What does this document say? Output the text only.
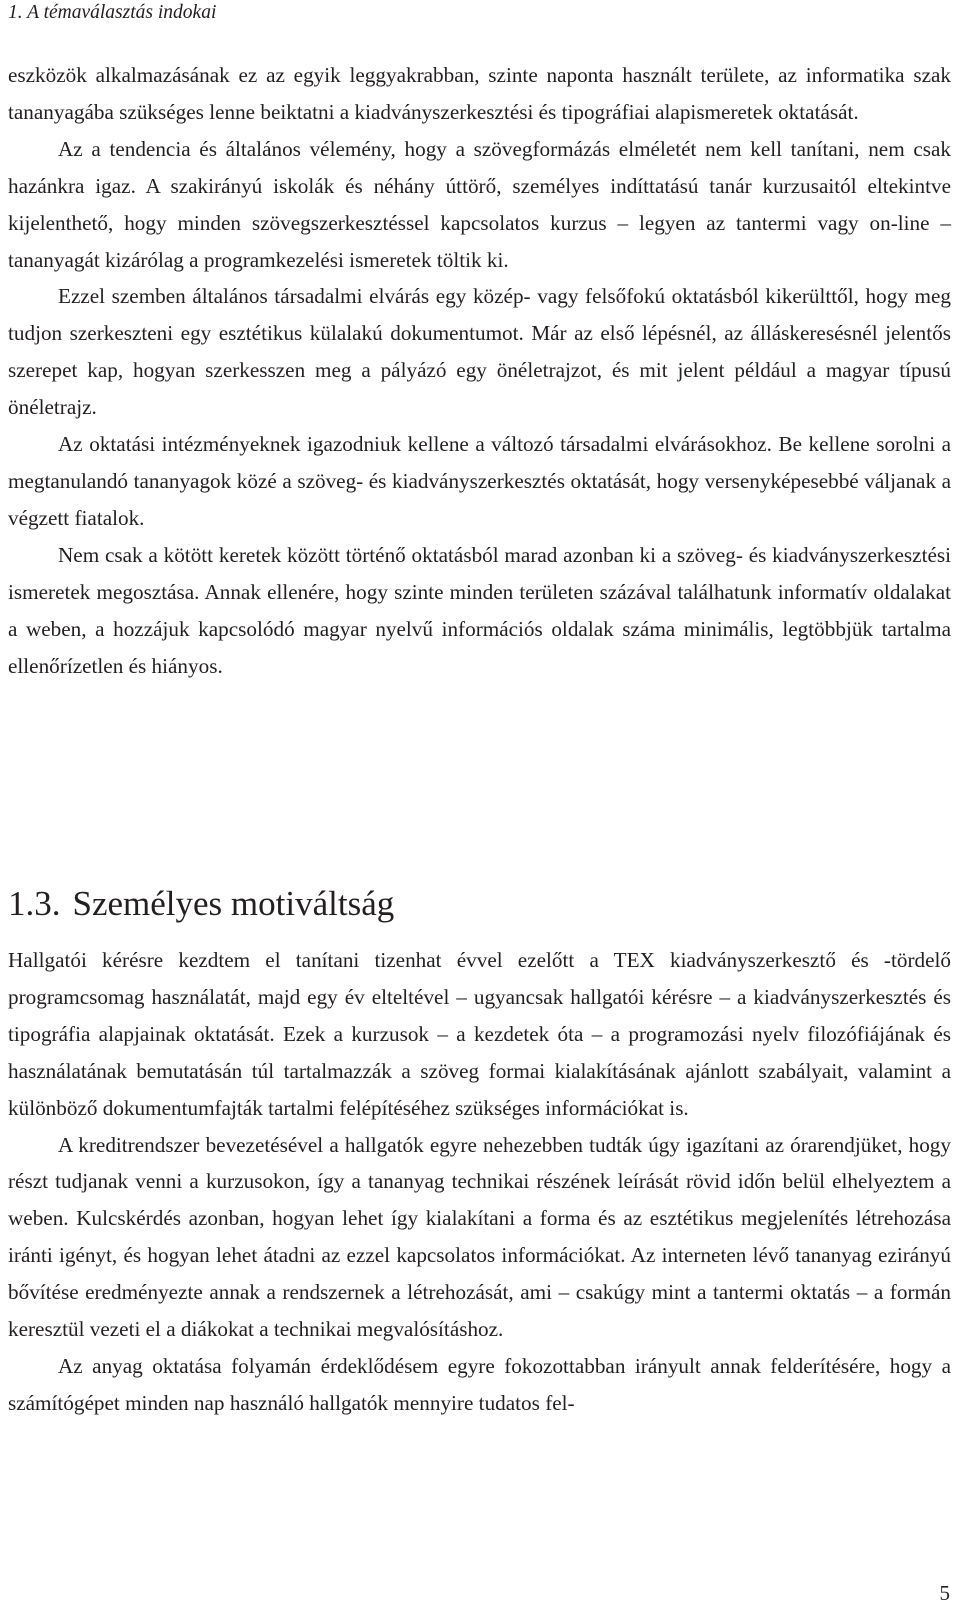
1. A témaválasztás indokai

eszközök alkalmazásának ez az egyik leggyakrabban, szinte naponta használt területe, az informatika szak tananyagába szükséges lenne beiktatni a kiadványszerkesztési és tipográfiai alapismeretek oktatását.

Az a tendencia és általános vélemény, hogy a szövegformázás elméletét nem kell tanítani, nem csak hazánkra igaz. A szakirányú iskolák és néhány úttörő, személyes indíttatású tanár kurzusaitól eltekintve kijelenthető, hogy minden szövegszerkesztéssel kapcsolatos kurzus – legyen az tantermi vagy on-line – tananyagát kizárólag a programkezelési ismeretek töltik ki.

Ezzel szemben általános társadalmi elvárás egy közép- vagy felsőfokú oktatásból kikerülttől, hogy meg tudjon szerkeszteni egy esztétikus külalakú dokumentumot. Már az első lépésnél, az álláskeresésnél jelentős szerepet kap, hogyan szerkesszen meg a pályázó egy önéletrajzot, és mit jelent például a magyar típusú önéletrajz.

Az oktatási intézményeknek igazodniuk kellene a változó társadalmi elvárásokhoz. Be kellene sorolni a megtanulandó tananyagok közé a szöveg- és kiadványszerkesztés oktatását, hogy versenyképesebbé váljanak a végzett fiatalok.

Nem csak a kötött keretek között történő oktatásból marad azonban ki a szöveg- és kiadványszerkesztési ismeretek megosztása. Annak ellenére, hogy szinte minden területen százával találhatunk informatív oldalakat a weben, a hozzájuk kapcsolódó magyar nyelvű információs oldalak száma minimális, legtöbbjük tartalma ellenőrízetlen és hiányos.

1.3. Személyes motiváltság

Hallgatói kérésre kezdtem el tanítani tizenhat évvel ezelőtt a TEX kiadványszerkesztő és -tördelő programcsomag használatát, majd egy év elteltével – ugyancsak hallgatói kérésre – a kiadványszerkesztés és tipográfia alapjainak oktatását. Ezek a kurzusok – a kezdetek óta – a programozási nyelv filozófiájának és használatának bemutatásán túl tartalmazzák a szöveg formai kialakításának ajánlott szabályait, valamint a különböző dokumentumfajták tartalmi felépítéséhez szükséges információkat is.

A kreditrendszer bevezetésével a hallgatók egyre nehezebben tudták úgy igazítani az órarendjüket, hogy részt tudjanak venni a kurzusokon, így a tananyag technikai részének leírását rövid időn belül elhelyeztem a weben. Kulcskérdés azonban, hogyan lehet így kialakítani a forma és az esztétikus megjelenítés létrehozása iránti igényt, és hogyan lehet átadni az ezzel kapcsolatos információkat. Az interneten lévő tananyag ezirányú bővítése eredményezte annak a rendszernek a létrehozását, ami – csakúgy mint a tantermi oktatás – a formán keresztül vezeti el a diákokat a technikai megvalósításhoz.

Az anyag oktatása folyamán érdeklődésem egyre fokozottabban irányult annak felderítésére, hogy a számítógépet minden nap használó hallgatók mennyire tudatos fel-

5
